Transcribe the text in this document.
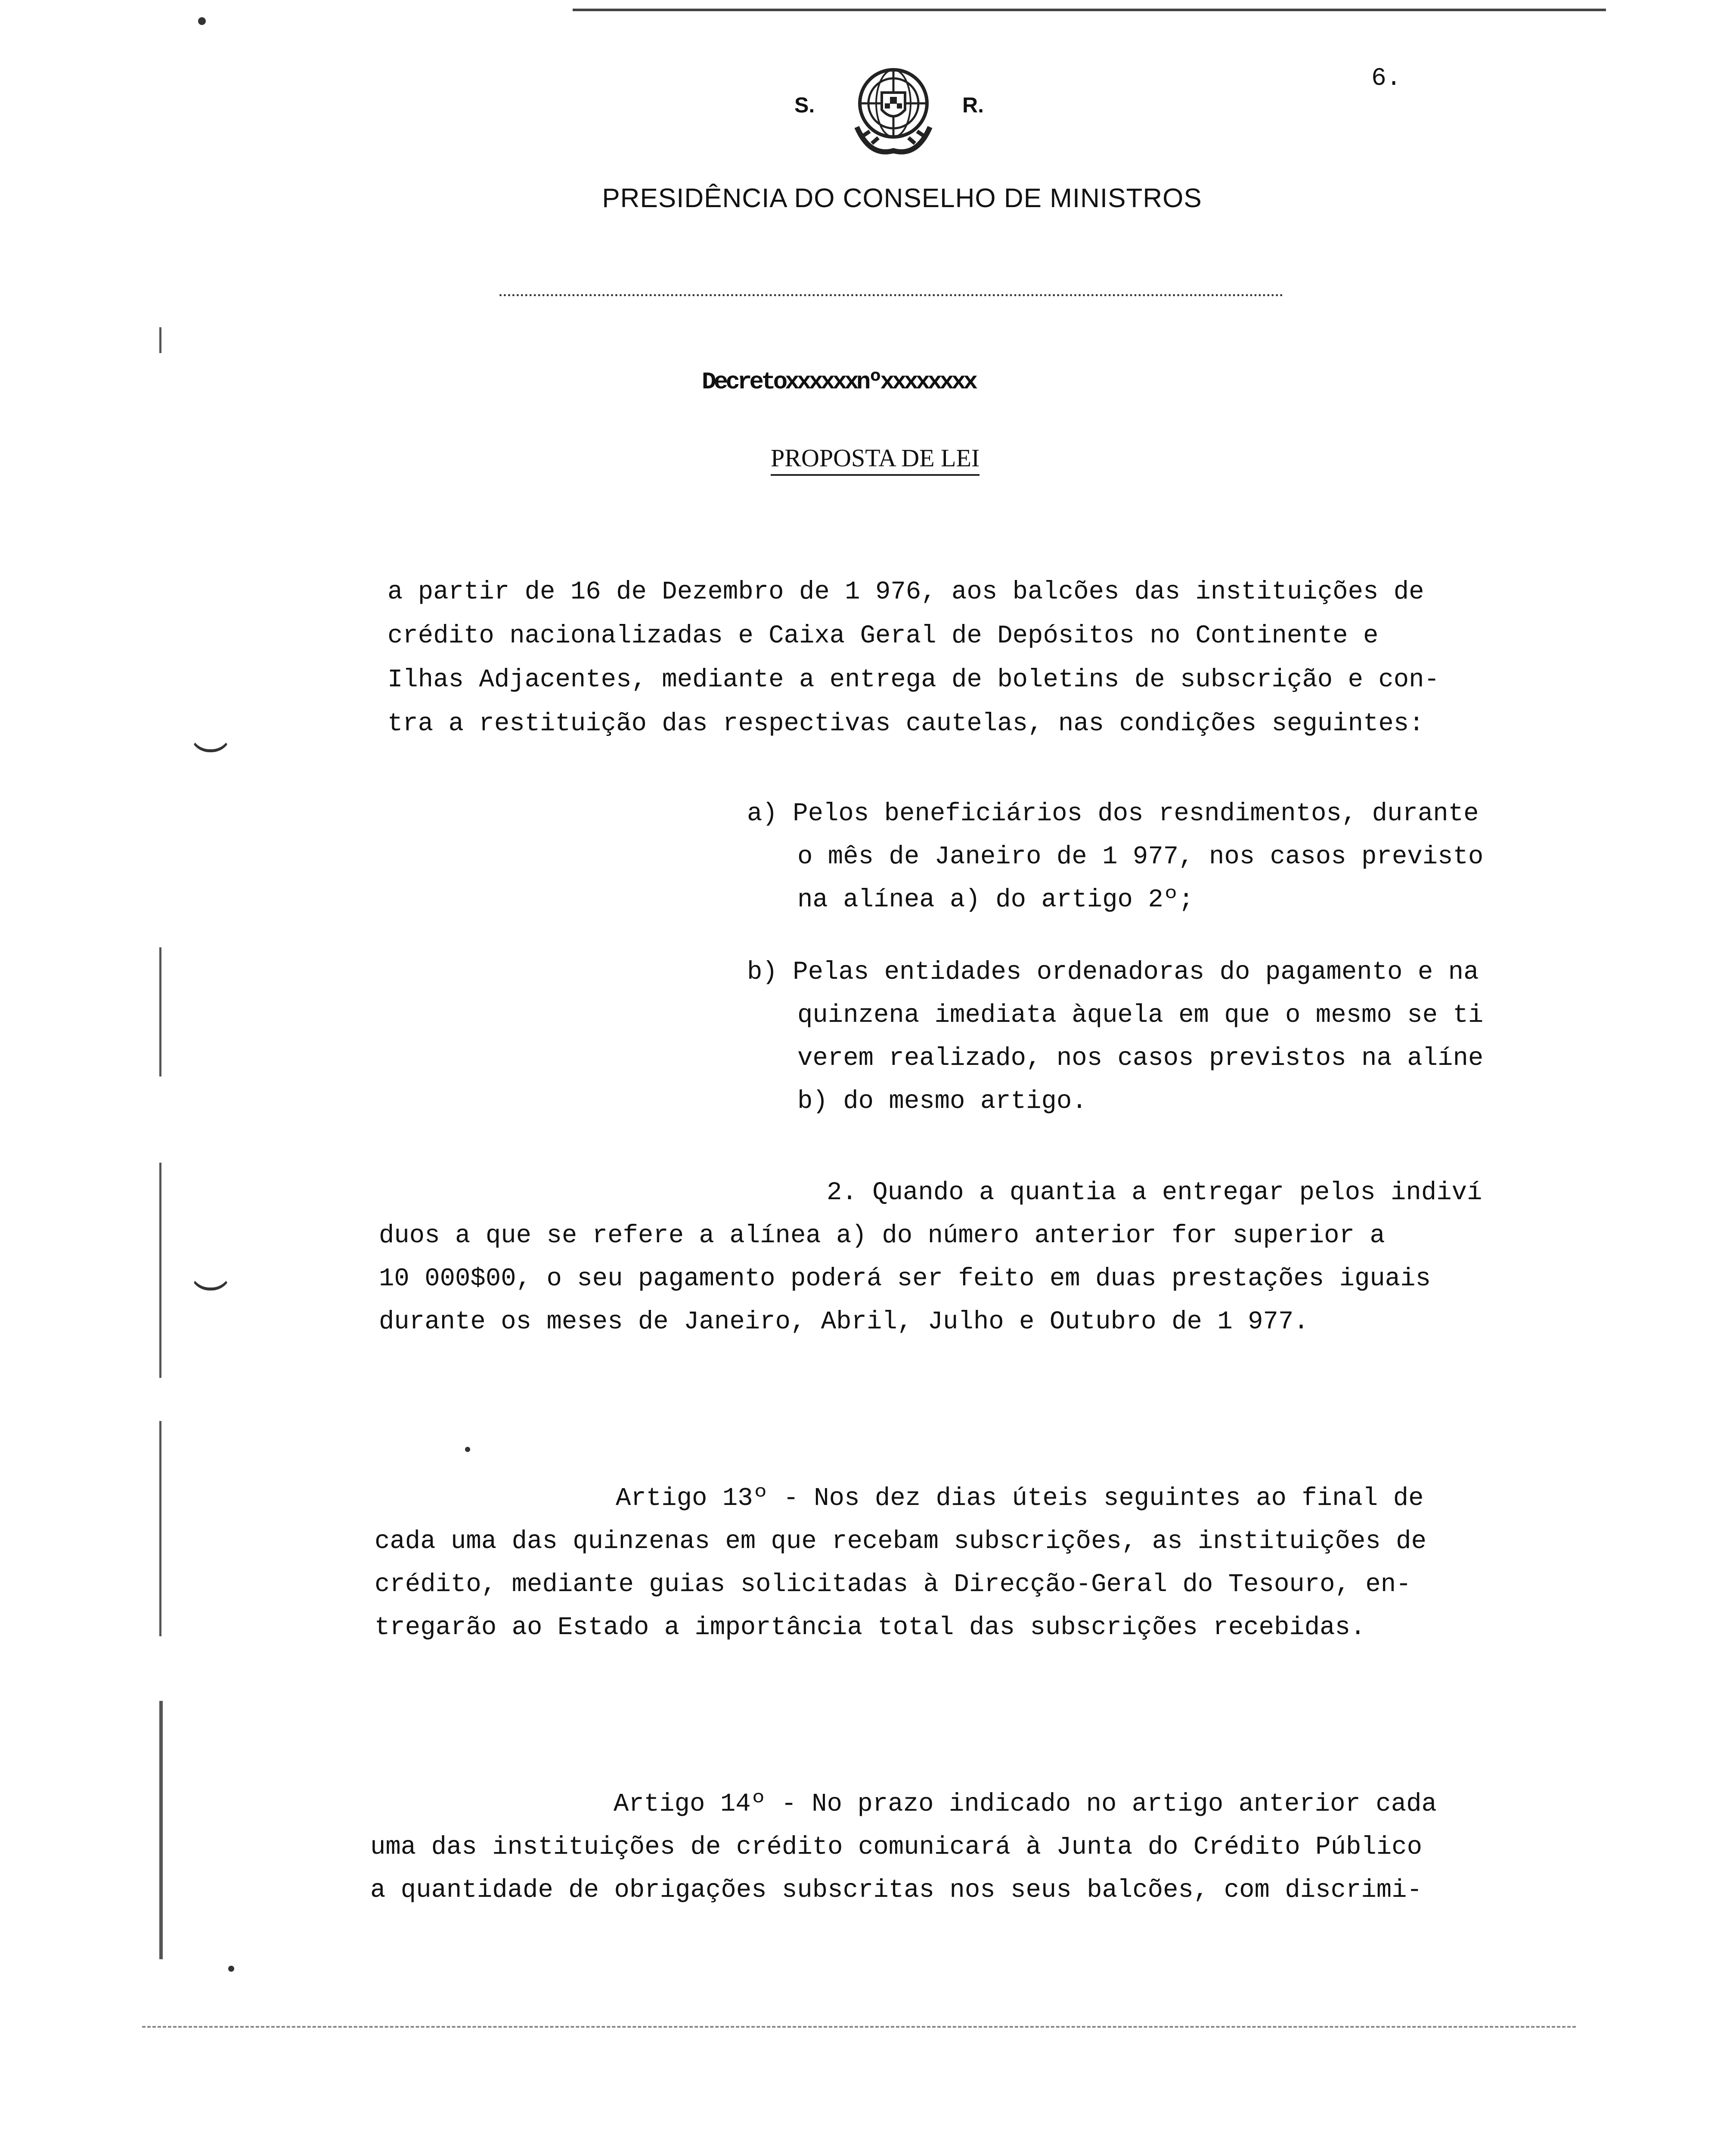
S.	R.
PRESIDÊNCIA DO CONSELHO DE MINISTROS
6.
Decretoxxxxxxnºxxxxxxxx
PROPOSTA DE LEI
a partir de 16 de Dezembro de 1 976, aos balcões das instituições de
crédito nacionalizadas e Caixa Geral de Depósitos no Continente e
Ilhas Adjacentes, mediante a entrega de boletins de subscrição e con-
tra a restituição das respectivas cautelas, nas condições seguintes:
a) Pelos beneficiários dos resndimentos, durante
o mês de Janeiro de 1 977, nos casos previsto
na alínea a) do artigo 2º;
b) Pelas entidades ordenadoras do pagamento e na
quinzena imediata àquela em que o mesmo se ti
verem realizado, nos casos previstos na alíne
b) do mesmo artigo.
2. Quando a quantia a entregar pelos indiví
duos a que se refere a alínea a) do número anterior for superior a
10 000$00, o seu pagamento poderá ser feito em duas prestações iguais
durante os meses de Janeiro, Abril, Julho e Outubro de 1 977.
Artigo 13º - Nos dez dias úteis seguintes ao final de
cada uma das quinzenas em que recebam subscrições, as instituições de
crédito, mediante guias solicitadas à Direcção-Geral do Tesouro, en-
tregarão ao Estado a importância total das subscrições recebidas.
Artigo 14º - No prazo indicado no artigo anterior cada
uma das instituições de crédito comunicará à Junta do Crédito Público
a quantidade de obrigações subscritas nos seus balcões, com discrimi-
